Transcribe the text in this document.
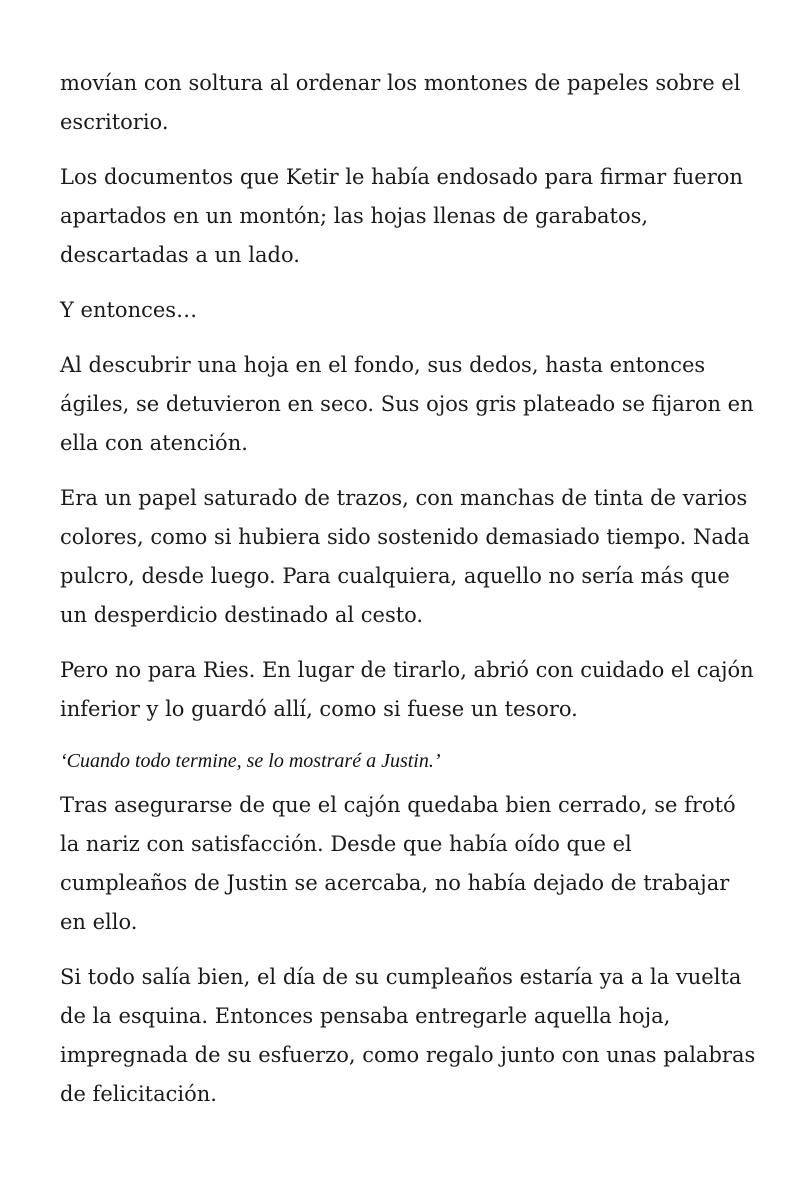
movían con soltura al ordenar los montones de papeles sobre el escritorio.

Los documentos que Ketir le había endosado para firmar fueron apartados en un montón; las hojas llenas de garabatos, descartadas a un lado.

Y entonces…

Al descubrir una hoja en el fondo, sus dedos, hasta entonces ágiles, se detuvieron en seco. Sus ojos gris plateado se fijaron en ella con atención.

Era un papel saturado de trazos, con manchas de tinta de varios colores, como si hubiera sido sostenido demasiado tiempo. Nada pulcro, desde luego. Para cualquiera, aquello no sería más que un desperdicio destinado al cesto.

Pero no para Ries. En lugar de tirarlo, abrió con cuidado el cajón inferior y lo guardó allí, como si fuese un tesoro.

‘Cuando todo termine, se lo mostraré a Justin.’

Tras asegurarse de que el cajón quedaba bien cerrado, se frotó la nariz con satisfacción. Desde que había oído que el cumpleaños de Justin se acercaba, no había dejado de trabajar en ello.

Si todo salía bien, el día de su cumpleaños estaría ya a la vuelta de la esquina. Entonces pensaba entregarle aquella hoja, impregnada de su esfuerzo, como regalo junto con unas palabras de felicitación.
